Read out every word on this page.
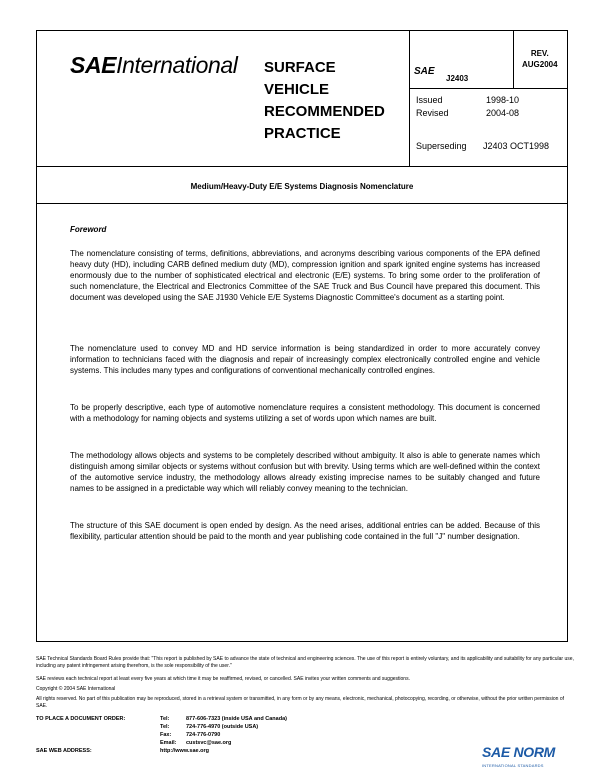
SAEInternational SURFACE
VEHICLE
RECOMMENDED
PRACTICE
SAE
J2403
REV.
AUG2004
Issued	1998-10
Revised	2004-08
Superseding J2403 OCT1998
Medium/Heavy-Duty E/E Systems Diagnosis Nomenclature
Foreword
The nomenclature consisting of terms, definitions, abbreviations, and acronyms describing various components of the EPA defined heavy duty (HD), including CARB defined medium duty (MD), compression ignition and spark ignited engine systems has increased enormously due to the number of sophisticated electrical and electronic (E/E) systems. To bring some order to the proliferation of such nomenclature, the Electrical and Electronics Committee of the SAE Truck and Bus Council have prepared this document. This document was developed using the SAE J1930 Vehicle E/E Systems Diagnostic Committee's document as a starting point.
The nomenclature used to convey MD and HD service information is being standardized in order to more accurately convey information to technicians faced with the diagnosis and repair of increasingly complex electronically controlled engine and vehicle systems. This includes many types and configurations of conventional mechanically controlled engines.
To be properly descriptive, each type of automotive nomenclature requires a consistent methodology. This document is concerned with a methodology for naming objects and systems utilizing a set of words upon which names are built.
The methodology allows objects and systems to be completely described without ambiguity. It also is able to generate names which distinguish among similar objects or systems without confusion but with brevity. Using terms which are well-defined within the context of the automotive service industry, the methodology allows already existing imprecise names to be suitably changed and future names to be assigned in a predictable way which will reliably convey meaning to the technician.
The structure of this SAE document is open ended by design. As the need arises, additional entries can be added. Because of this flexibility, particular attention should be paid to the month and year publishing code contained in the full "J" number designation.
SAE Technical Standards Board Rules provide that: "This report is published by SAE to advance the state of technical and engineering sciences. The use of this report is entirely voluntary, and its applicability and suitability for any particular use, including any patent infringement arising therefrom, is the sole responsibility of the user."
SAE reviews each technical report at least every five years at which time it may be reaffirmed, revised, or cancelled. SAE invites your written comments and suggestions.
Copyright © 2004 SAE International
All rights reserved. No part of this publication may be reproduced, stored in a retrieval system or transmitted, in any form or by any means, electronic, mechanical, photocopying, recording, or otherwise, without the prior written permission of SAE.
TO PLACE A DOCUMENT ORDER:	Tel:	877-606-7323 (inside USA and Canada)
Tel:	724-776-4970 (outside USA)
Fax:	724-776-0790
Email: custsvc@sae.org
SAE WEB ADDRESS:	http://www.sae.org	SAE NORM
INTERNATIONAL STANDARDS
